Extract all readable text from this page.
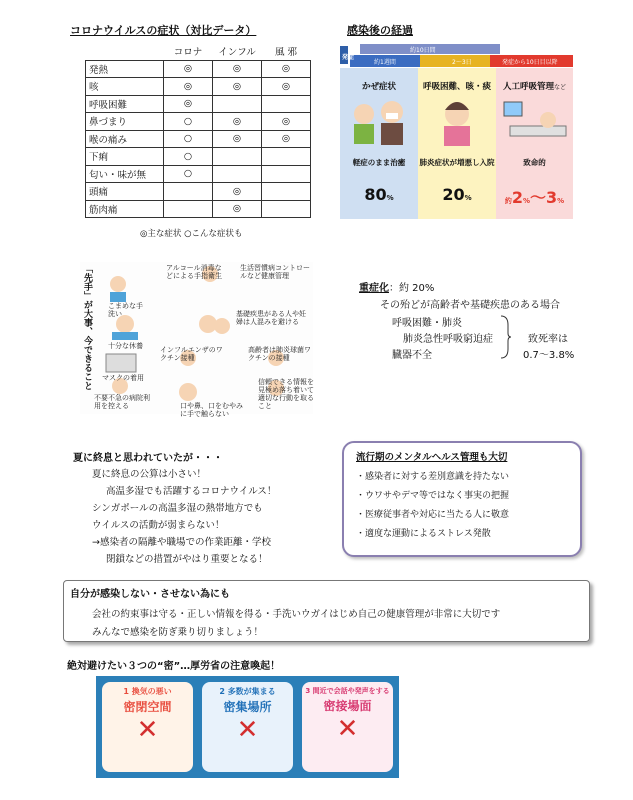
コロナウイルスの症状（対比データ）
	コロナ	インフル	風 邪
発熱	◎	◎	◎
咳	◎	◎	◎
呼吸困難	◎		
鼻づまり	○	◎	◎
喉の痛み	○	◎	◎
下痢	○		
匂い・味が無	○		
頭痛		◎	
筋肉痛		◎	
◎主な症状 ○こんな症状も
感染後の経過
発症
約10日間
約1週間	2～3日	発症から10日目以降
かぜ症状
軽症のまま治癒
80%
呼吸困難、咳・痰
肺炎症状が増悪し入院
20%
人工呼吸管理など
致命的
約2%～3%
「先手」が大事、今できること こまめな手洗い
アルコール消毒などによる手指衛生
生活習慣病コントロールなど健康管理
十分な休養
基礎疾患がある人や妊婦は人混みを避ける
マスクの着用
インフルエンザのワクチン接種
高齢者は肺炎球菌ワクチンの接種
不要不急の病院利用を控える	口や鼻、口をむやみに手で触らない
信頼できる情報を見極め落ち着いて適切な行動を取ること
重症化：約 20%
その殆どが高齢者や基礎疾患のある場合
呼吸困難・肺炎
肺炎急性呼吸窮迫症
臓器不全
致死率は
0.7～3.8%
夏に終息と思われていたが・・・
夏に終息の公算は小さい！
高温多湿でも活躍するコロナウイルス！
シンガポールの高温多湿の熱帯地方でも
ウイルスの活動が弱まらない！
→感染者の隔離や職場での作業距離・学校
閉鎖などの措置がやはり重要となる！
流行期のメンタルヘルス管理も大切
・感染者に対する差別意識を持たない
・ウワサやデマ等ではなく事実の把握
・医療従事者や対応に当たる人に敬意
・適度な運動によるストレス発散
自分が感染しない・させない為にも
会社の約束事は守る・正しい情報を得る・手洗いウガイはじめ自己の健康管理が非常に大切です
みんなで感染を防ぎ乗り切りましょう！
絶対避けたい３つの“密”…厚労省の注意喚起！
1 換気の悪い
密閉空間
✕
2 多数が集まる
密集場所
✕
3 間近で会話や発声をする
密接場面
✕
